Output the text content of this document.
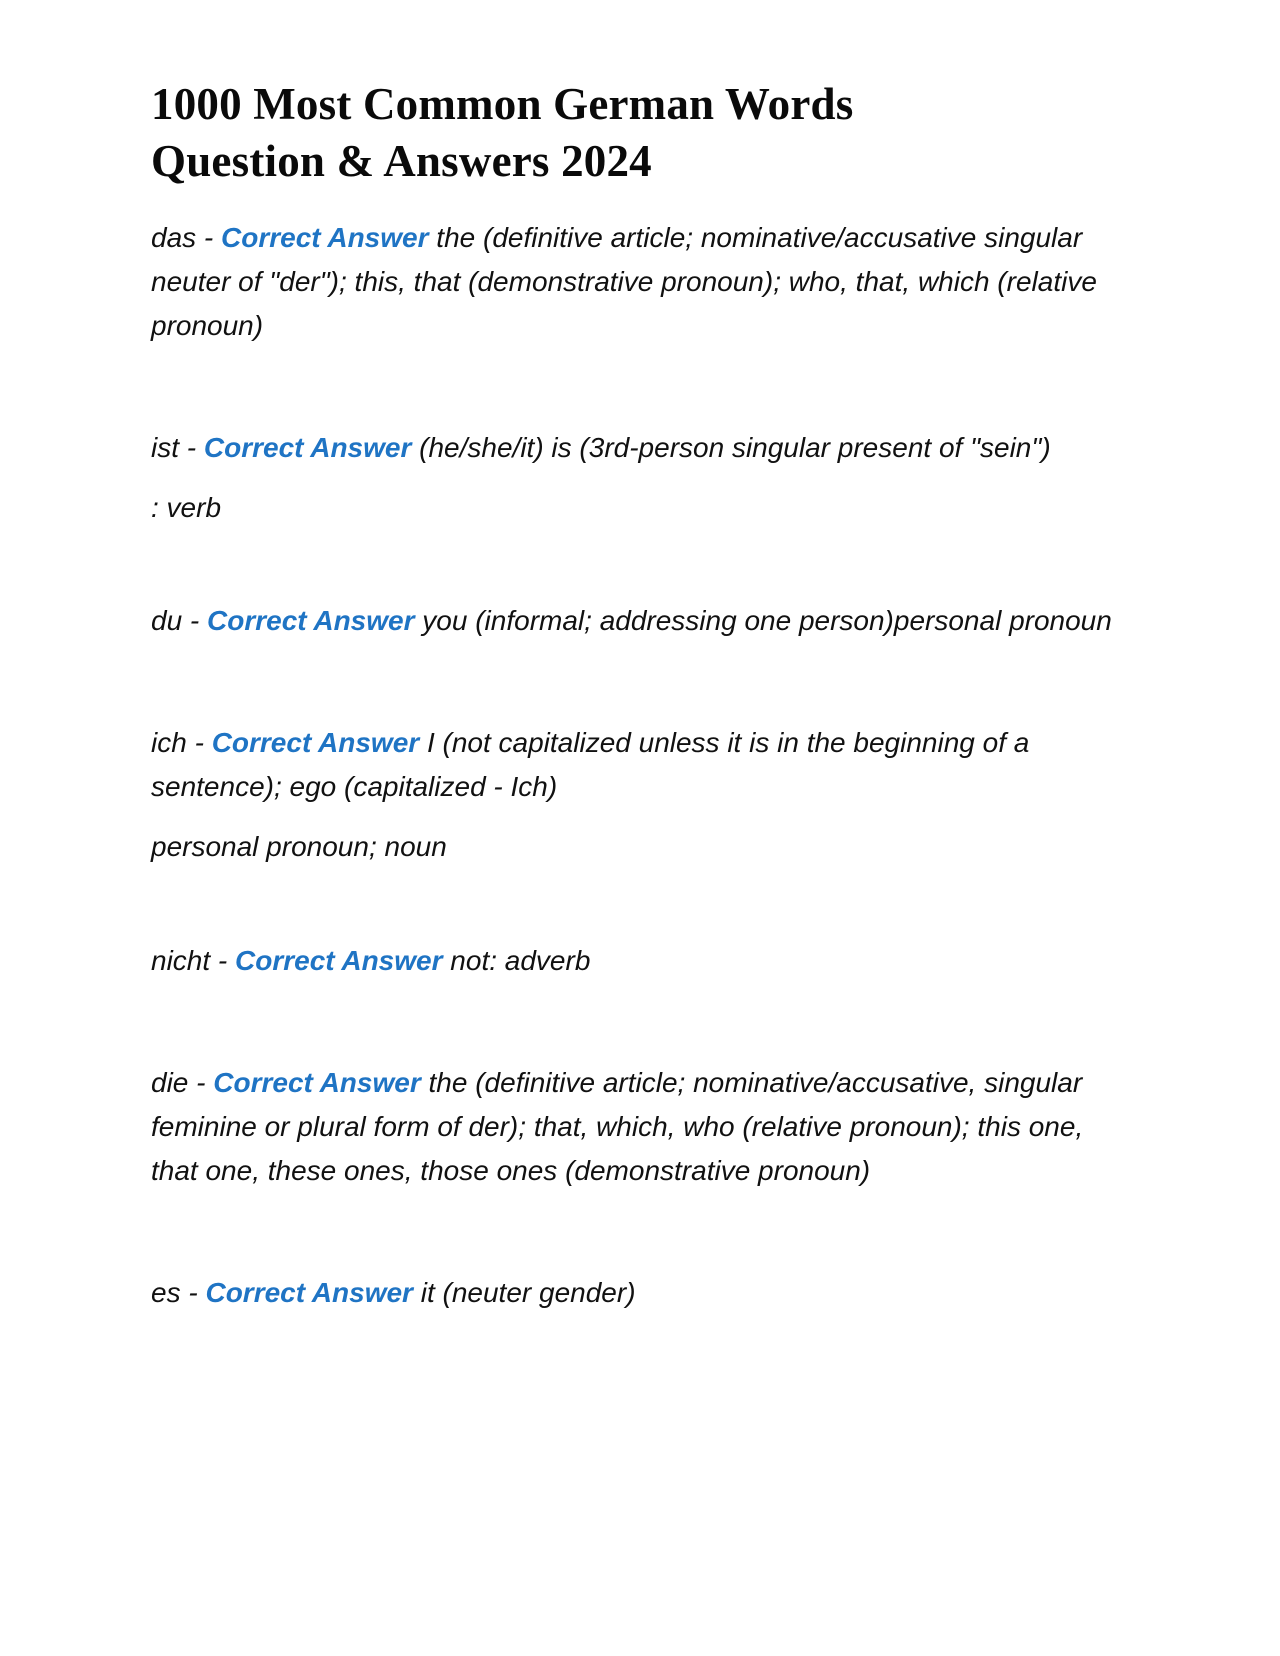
1000 Most Common German Words
Question & Answers 2024

das - Correct Answer the (definitive article; nominative/accusative singular neuter of "der"); this, that (demonstrative pronoun); who, that, which (relative pronoun)

ist - Correct Answer (he/she/it) is (3rd-person singular present of "sein")

: verb

du - Correct Answer you (informal; addressing one person)personal pronoun

ich - Correct Answer I (not capitalized unless it is in the beginning of a sentence); ego (capitalized - Ich)

personal pronoun; noun

nicht - Correct Answer not: adverb

die - Correct Answer the (definitive article; nominative/accusative, singular feminine or plural form of der); that, which, who (relative pronoun); this one, that one, these ones, those ones (demonstrative pronoun)

es - Correct Answer it (neuter gender)
